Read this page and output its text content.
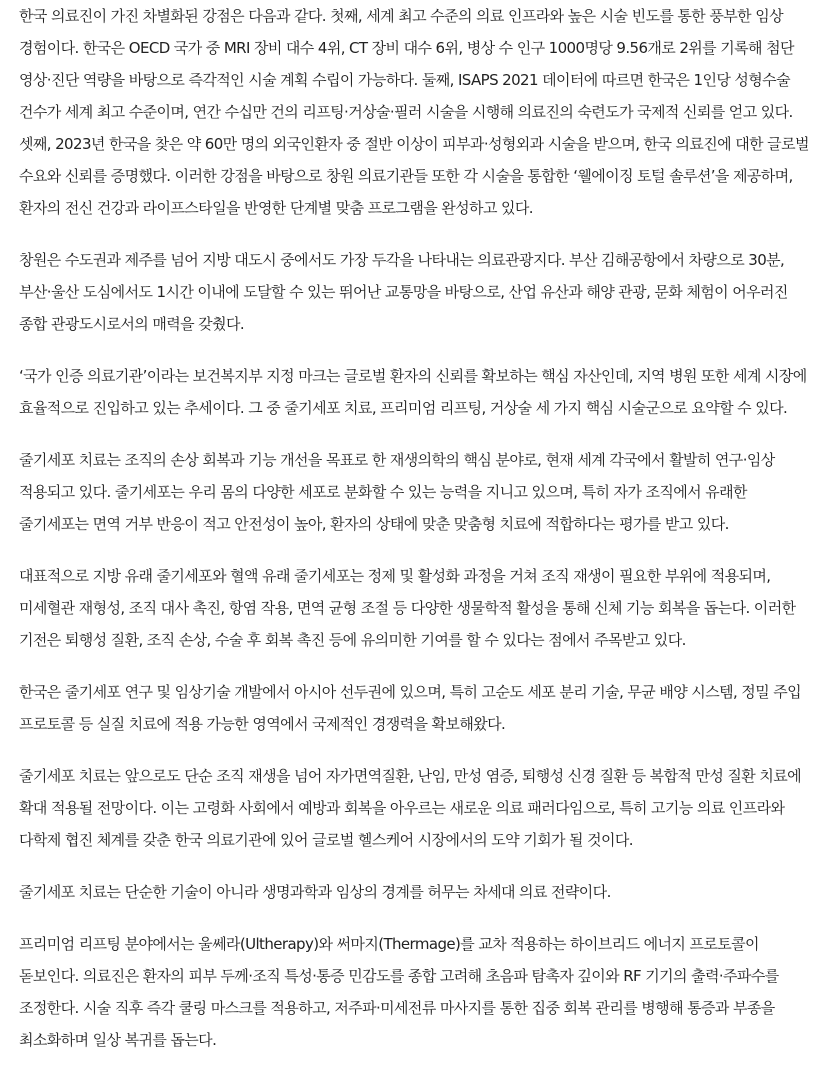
한국 의료진이 가진 차별화된 강점은 다음과 같다. 첫째, 세계 최고 수준의 의료 인프라와 높은 시술 빈도를 통한 풍부한 임상 경험이다. 한국은 OECD 국가 중 MRI 장비 대수 4위, CT 장비 대수 6위, 병상 수 인구 1000명당 9.56개로 2위를 기록해 첨단 영상·진단 역량을 바탕으로 즉각적인 시술 계획 수립이 가능하다. 둘째, ISAPS 2021 데이터에 따르면 한국은 1인당 성형수술 건수가 세계 최고 수준이며, 연간 수십만 건의 리프팅·거상술·필러 시술을 시행해 의료진의 숙련도가 국제적 신뢰를 얻고 있다. 셋째, 2023년 한국을 찾은 약 60만 명의 외국인환자 중 절반 이상이 피부과·성형외과 시술을 받으며, 한국 의료진에 대한 글로벌 수요와 신뢰를 증명했다. 이러한 강점을 바탕으로 창원 의료기관들 또한 각 시술을 통합한 ‘웰에이징 토털 솔루션’을 제공하며, 환자의 전신 건강과 라이프스타일을 반영한 단계별 맞춤 프로그램을 완성하고 있다.

창원은 수도권과 제주를 넘어 지방 대도시 중에서도 가장 두각을 나타내는 의료관광지다. 부산 김해공항에서 차량으로 30분, 부산·울산 도심에서도 1시간 이내에 도달할 수 있는 뛰어난 교통망을 바탕으로, 산업 유산과 해양 관광, 문화 체험이 어우러진 종합 관광도시로서의 매력을 갖췄다.

‘국가 인증 의료기관’이라는 보건복지부 지정 마크는 글로벌 환자의 신뢰를 확보하는 핵심 자산인데, 지역 병원 또한 세계 시장에 효율적으로 진입하고 있는 추세이다. 그 중 줄기세포 치료, 프리미엄 리프팅, 거상술 세 가지 핵심 시술군으로 요약할 수 있다.

줄기세포 치료는 조직의 손상 회복과 기능 개선을 목표로 한 재생의학의 핵심 분야로, 현재 세계 각국에서 활발히 연구·임상 적용되고 있다. 줄기세포는 우리 몸의 다양한 세포로 분화할 수 있는 능력을 지니고 있으며, 특히 자가 조직에서 유래한 줄기세포는 면역 거부 반응이 적고 안전성이 높아, 환자의 상태에 맞춘 맞춤형 치료에 적합하다는 평가를 받고 있다.

대표적으로 지방 유래 줄기세포와 혈액 유래 줄기세포는 정제 및 활성화 과정을 거쳐 조직 재생이 필요한 부위에 적용되며, 미세혈관 재형성, 조직 대사 촉진, 항염 작용, 면역 균형 조절 등 다양한 생물학적 활성을 통해 신체 기능 회복을 돕는다. 이러한 기전은 퇴행성 질환, 조직 손상, 수술 후 회복 촉진 등에 유의미한 기여를 할 수 있다는 점에서 주목받고 있다.

한국은 줄기세포 연구 및 임상기술 개발에서 아시아 선두권에 있으며, 특히 고순도 세포 분리 기술, 무균 배양 시스템, 정밀 주입 프로토콜 등 실질 치료에 적용 가능한 영역에서 국제적인 경쟁력을 확보해왔다.

줄기세포 치료는 앞으로도 단순 조직 재생을 넘어 자가면역질환, 난임, 만성 염증, 퇴행성 신경 질환 등 복합적 만성 질환 치료에 확대 적용될 전망이다. 이는 고령화 사회에서 예방과 회복을 아우르는 새로운 의료 패러다임으로, 특히 고기능 의료 인프라와 다학제 협진 체계를 갖춘 한국 의료기관에 있어 글로벌 헬스케어 시장에서의 도약 기회가 될 것이다.

줄기세포 치료는 단순한 기술이 아니라 생명과학과 임상의 경계를 허무는 차세대 의료 전략이다.

프리미엄 리프팅 분야에서는 울쎄라(Ultherapy)와 써마지(Thermage)를 교차 적용하는 하이브리드 에너지 프로토콜이 돋보인다. 의료진은 환자의 피부 두께·조직 특성·통증 민감도를 종합 고려해 초음파 탐촉자 깊이와 RF 기기의 출력·주파수를 조정한다. 시술 직후 즉각 쿨링 마스크를 적용하고, 저주파·미세전류 마사지를 통한 집중 회복 관리를 병행해 통증과 부종을 최소화하며 일상 복귀를 돕는다.
